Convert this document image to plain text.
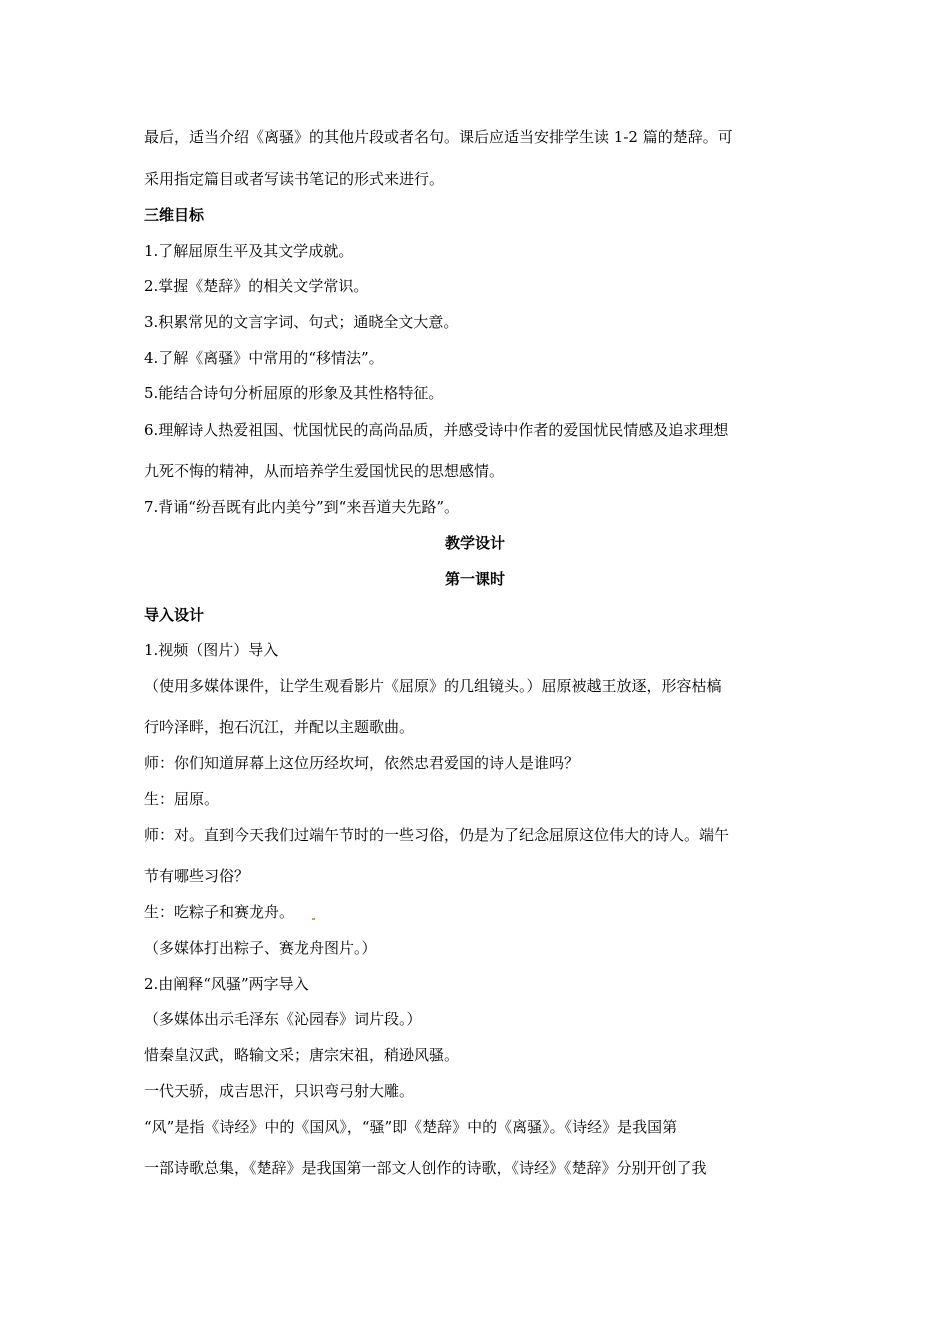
最后，适当介绍《离骚》的其他片段或者名句。课后应适当安排学生读 1-2 篇的楚辞。可
采用指定篇目或者写读书笔记的形式来进行。
三维目标
1.了解屈原生平及其文学成就。
2.掌握《楚辞》的相关文学常识。
3.积累常见的文言字词、句式；通晓全文大意。
4.了解《离骚》中常用的“移情法”。
5.能结合诗句分析屈原的形象及其性格特征。
6.理解诗人热爱祖国、忧国忧民的高尚品质，并感受诗中作者的爱国忧民情感及追求理想
九死不悔的精神，从而培养学生爱国忧民的思想感情。
7.背诵“纷吾既有此内美兮”到“来吾道夫先路”。
教学设计
第一课时
导入设计
1.视频（图片）导入
（使用多媒体课件，让学生观看影片《屈原》的几组镜头。）屈原被越王放逐，形容枯槁
行吟泽畔，抱石沉江，并配以主题歌曲。
师：你们知道屏幕上这位历经坎坷，依然忠君爱国的诗人是谁吗？
生：屈原。
师：对。直到今天我们过端午节时的一些习俗，仍是为了纪念屈原这位伟大的诗人。端午
节有哪些习俗？
生：吃粽子和赛龙舟。
（多媒体打出粽子、赛龙舟图片。）
2.由阐释“风骚”两字导入
（多媒体出示毛泽东《沁园春》词片段。）
惜秦皇汉武，略输文采；唐宗宋祖，稍逊风骚。
一代天骄，成吉思汗，只识弯弓射大雕。
“风”是指《诗经》中的《国风》，“骚”即《楚辞》中的《离骚》。《诗经》是我国第
一部诗歌总集，《楚辞》是我国第一部文人创作的诗歌，《诗经》《楚辞》分别开创了我
